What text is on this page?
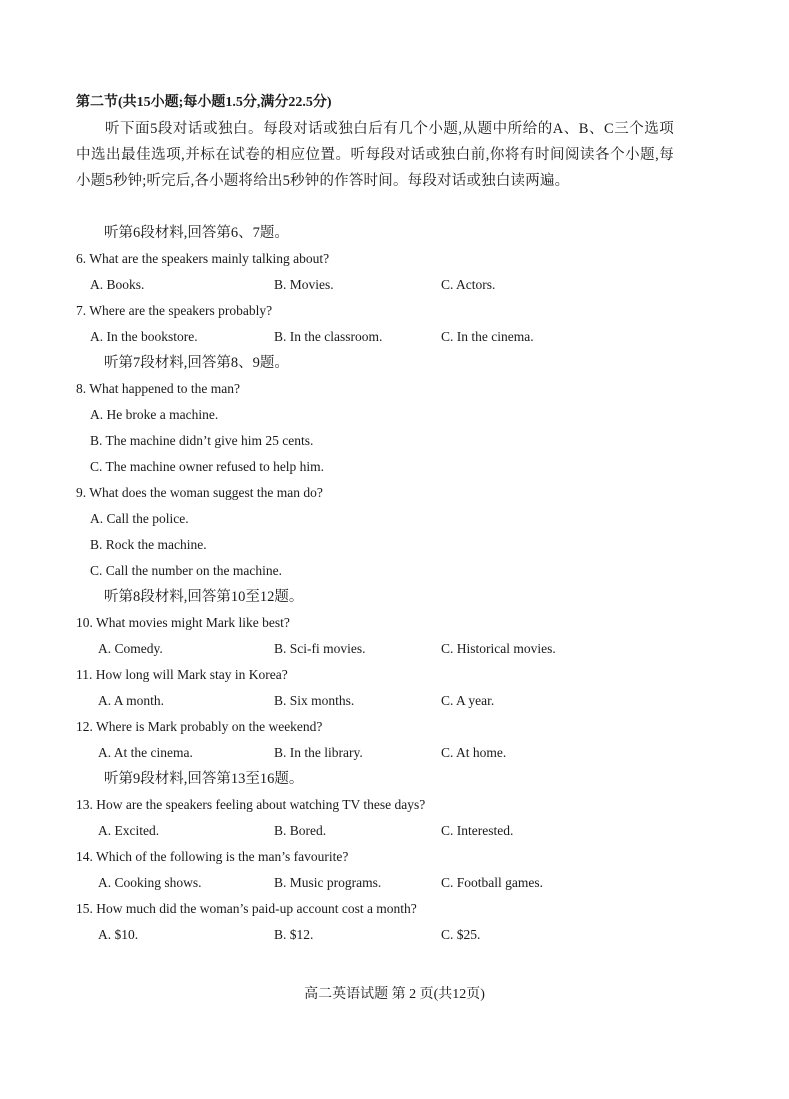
第二节(共15小题;每小题1.5分,满分22.5分)
听下面5段对话或独白。每段对话或独白后有几个小题,从题中所给的A、B、C三个选项中选出最佳选项,并标在试卷的相应位置。听每段对话或独白前,你将有时间阅读各个小题,每小题5秒钟;听完后,各小题将给出5秒钟的作答时间。每段对话或独白读两遍。
听第6段材料,回答第6、7题。
6. What are the speakers mainly talking about?
A. Books.	B. Movies.	C. Actors.
7. Where are the speakers probably?
A. In the bookstore.	B. In the classroom.	C. In the cinema.
听第7段材料,回答第8、9题。
8. What happened to the man?
A. He broke a machine.
B. The machine didn’t give him 25 cents.
C. The machine owner refused to help him.
9. What does the woman suggest the man do?
A. Call the police.
B. Rock the machine.
C. Call the number on the machine.
听第8段材料,回答第10至12题。
10. What movies might Mark like best?
A. Comedy.	B. Sci-fi movies.	C. Historical movies.
11. How long will Mark stay in Korea?
A. A month.	B. Six months.	C. A year.
12. Where is Mark probably on the weekend?
A. At the cinema.	B. In the library.	C. At home.
听第9段材料,回答第13至16题。
13. How are the speakers feeling about watching TV these days?
A. Excited.	B. Bored.	C. Interested.
14. Which of the following is the man’s favourite?
A. Cooking shows.	B. Music programs.	C. Football games.
15. How much did the woman’s paid-up account cost a month?
A. $10.	B. $12.	C. $25.
高二英语试题 第 2 页(共12页)
